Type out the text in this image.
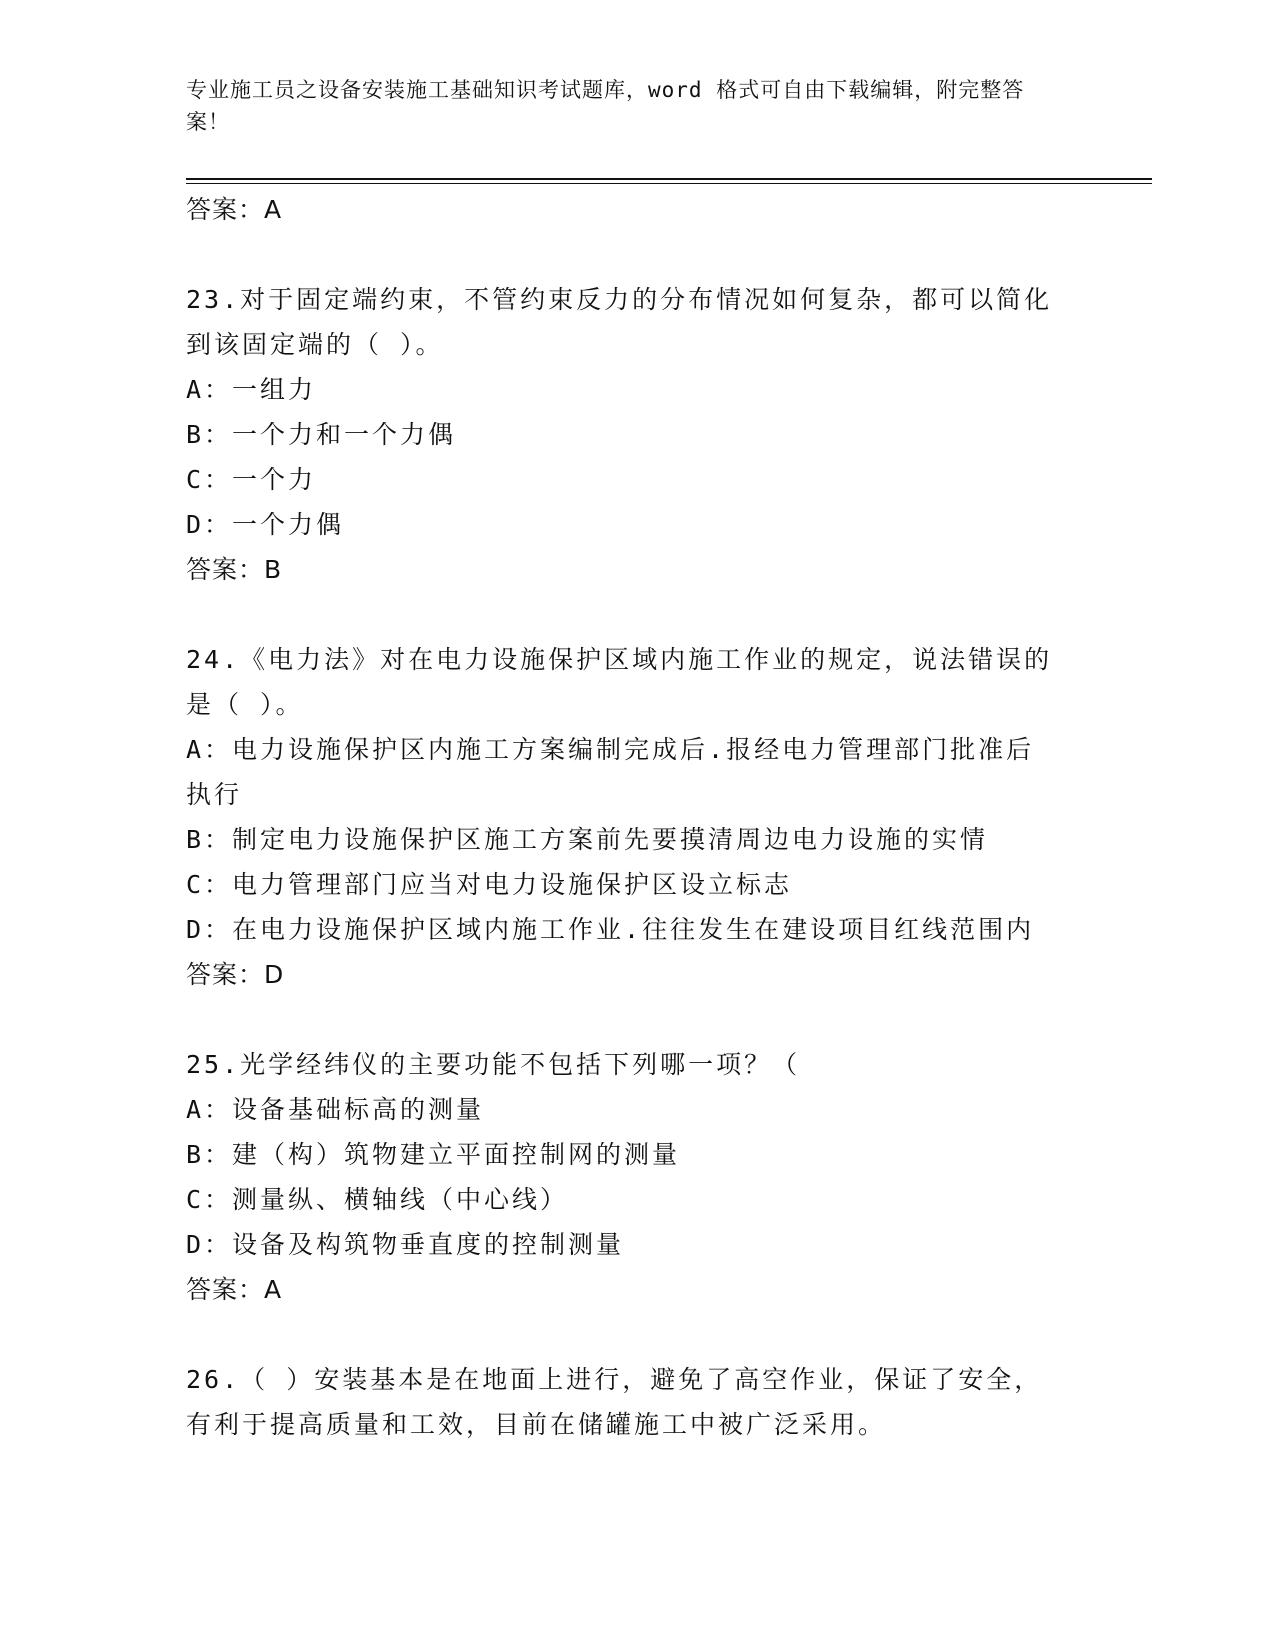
专业施工员之设备安装施工基础知识考试题库，word 格式可自由下载编辑，附完整答案！
答案：A
23.对于固定端约束，不管约束反力的分布情况如何复杂，都可以简化
到该固定端的（ ）。
A：一组力
B：一个力和一个力偶
C：一个力
D：一个力偶
答案：B
24.《电力法》对在电力设施保护区域内施工作业的规定，说法错误的
是（ ）。
A：电力设施保护区内施工方案编制完成后.报经电力管理部门批准后
执行
B：制定电力设施保护区施工方案前先要摸清周边电力设施的实情
C：电力管理部门应当对电力设施保护区设立标志
D：在电力设施保护区域内施工作业.往往发生在建设项目红线范围内
答案：D
25.光学经纬仪的主要功能不包括下列哪一项？（
A：设备基础标高的测量
B：建（构）筑物建立平面控制网的测量
C：测量纵、横轴线（中心线）
D：设备及构筑物垂直度的控制测量
答案：A
26.（ ）安装基本是在地面上进行，避免了高空作业，保证了安全，
有利于提高质量和工效，目前在储罐施工中被广泛采用。
